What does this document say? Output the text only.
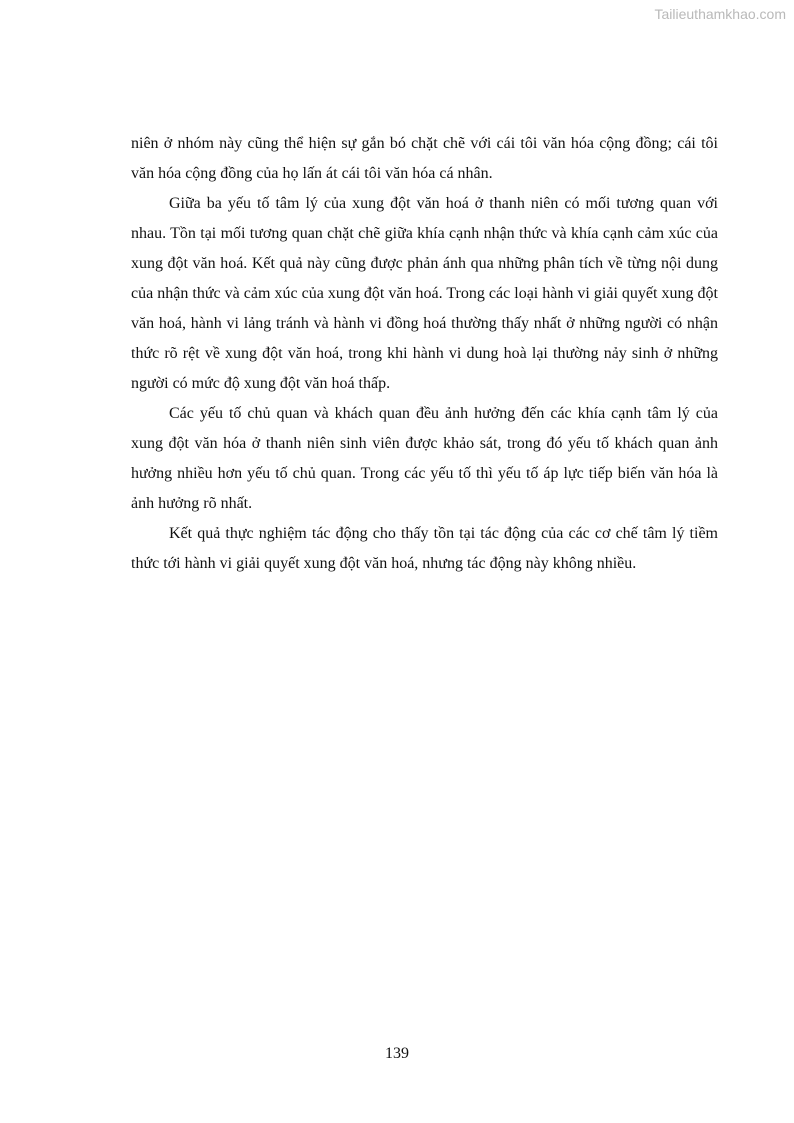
Tailieuthamkhao.com

niên ở nhóm này cũng thể hiện sự gắn bó chặt chẽ với cái tôi văn hóa cộng đồng; cái tôi văn hóa cộng đồng của họ lấn át cái tôi văn hóa cá nhân.

Giữa ba yếu tố tâm lý của xung đột văn hoá ở thanh niên có mối tương quan với nhau. Tồn tại mối tương quan chặt chẽ giữa khía cạnh nhận thức và khía cạnh cảm xúc của xung đột văn hoá. Kết quả này cũng được phản ánh qua những phân tích về từng nội dung của nhận thức và cảm xúc của xung đột văn hoá. Trong các loại hành vi giải quyết xung đột văn hoá, hành vi lảng tránh và hành vi đồng hoá thường thấy nhất ở những người có nhận thức rõ rệt về xung đột văn hoá, trong khi hành vi dung hoà lại thường nảy sinh ở những người có mức độ xung đột văn hoá thấp.

Các yếu tố chủ quan và khách quan đều ảnh hưởng đến các khía cạnh tâm lý của xung đột văn hóa ở thanh niên sinh viên được khảo sát, trong đó yếu tố khách quan ảnh hưởng nhiều hơn yếu tố chủ quan. Trong các yếu tố thì yếu tố áp lực tiếp biến văn hóa là ảnh hưởng rõ nhất.

Kết quả thực nghiệm tác động cho thấy tồn tại tác động của các cơ chế tâm lý tiềm thức tới hành vi giải quyết xung đột văn hoá, nhưng tác động này không nhiều.

139
